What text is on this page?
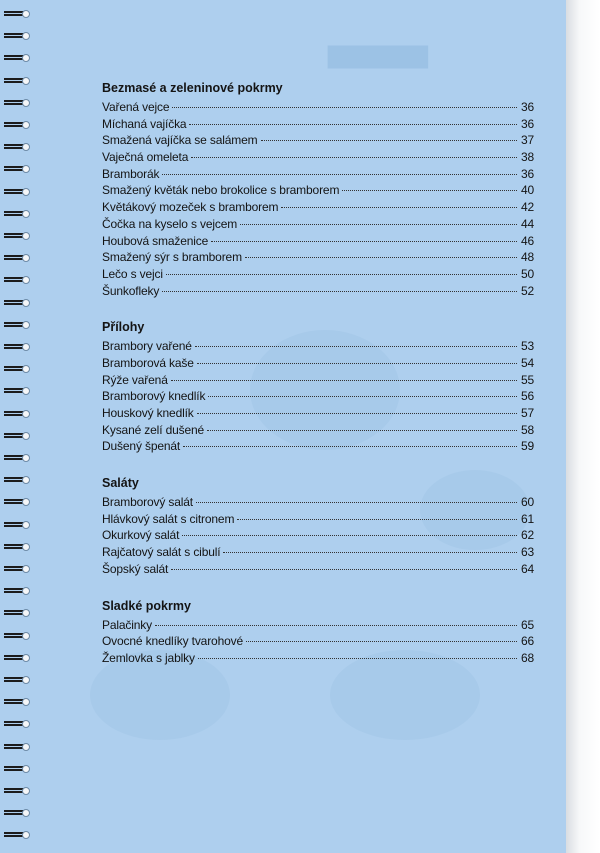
▆▆▆▆▆
Bezmasé a zeleninové pokrmy
Vařená vejce	36
Míchaná vajíčka	36
Smažená vajíčka se salámem	37
Vaječná omeleta	38
Bramborák	36
Smažený květák nebo brokolice s bramborem	40
Květákový mozeček s bramborem	42
Čočka na kyselo s vejcem	44
Houbová smaženice	46
Smažený sýr s bramborem	48
Lečo s vejci	50
Šunkofleky	52
Přílohy
Brambory vařené	53
Bramborová kaše	54
Rýže vařená	55
Bramborový knedlík	56
Houskový knedlík	57
Kysané zelí dušené	58
Dušený špenát	59
Saláty
Bramborový salát	60
Hlávkový salát s citronem	61
Okurkový salát	62
Rajčatový salát s cibulí	63
Šopský salát	64
Sladké pokrmy
Palačinky	65
Ovocné knedlíky tvarohové	66
Žemlovka s jablky	68
